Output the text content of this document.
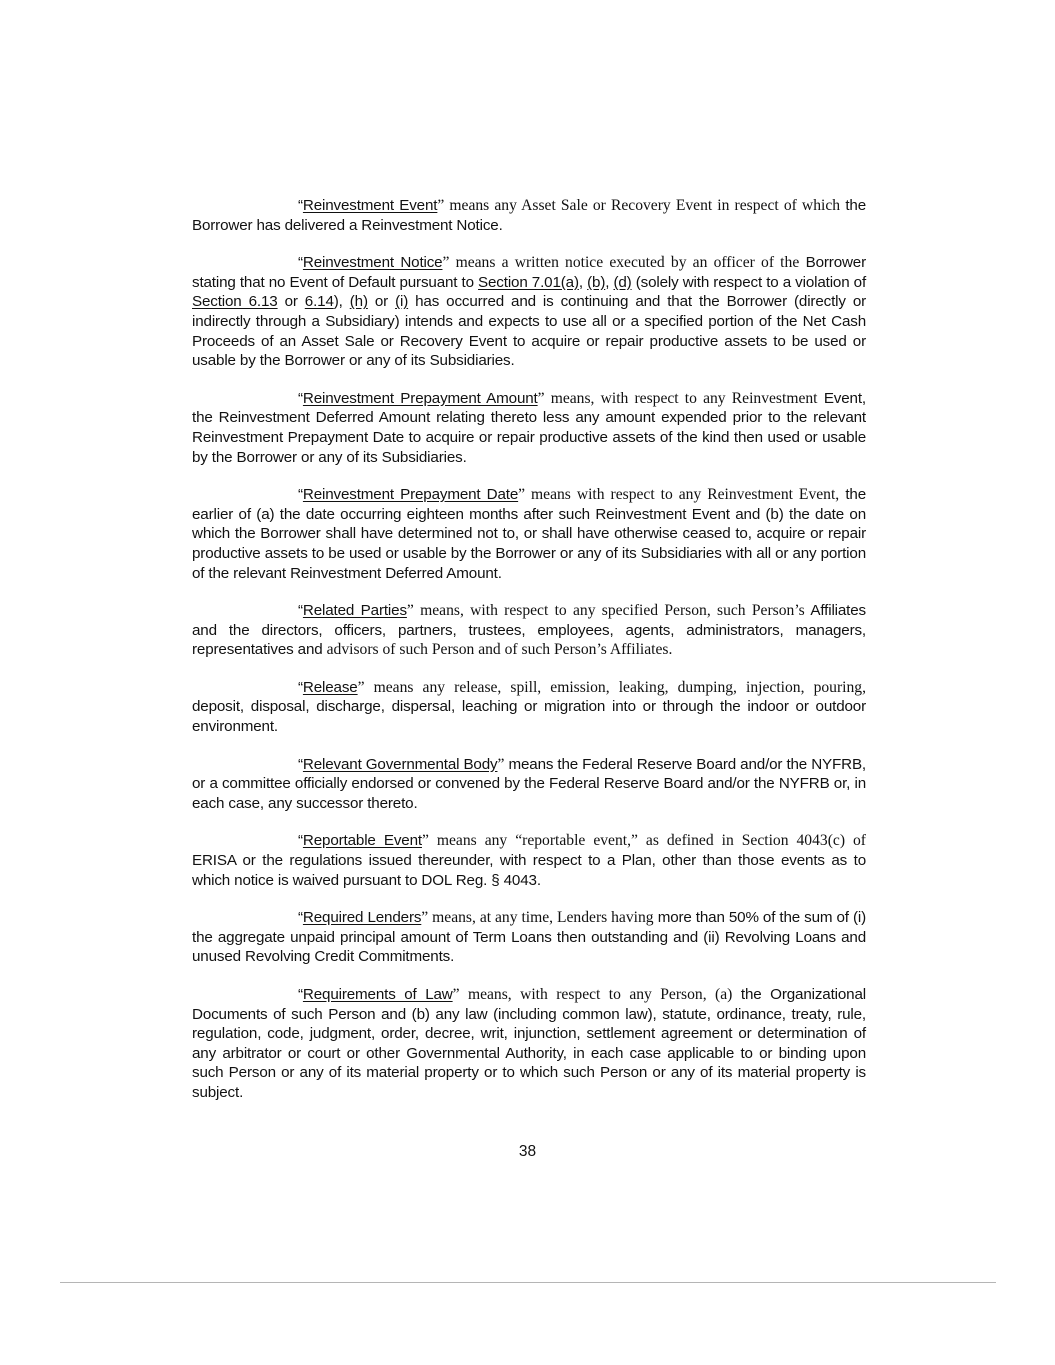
“Reinvestment Event” means any Asset Sale or Recovery Event in respect of which the Borrower has delivered a Reinvestment Notice.

“Reinvestment Notice” means a written notice executed by an officer of the Borrower stating that no Event of Default pursuant to Section 7.01(a), (b), (d) (solely with respect to a violation of Section 6.13 or 6.14), (h) or (i) has occurred and is continuing and that the Borrower (directly or indirectly through a Subsidiary) intends and expects to use all or a specified portion of the Net Cash Proceeds of an Asset Sale or Recovery Event to acquire or repair productive assets to be used or usable by the Borrower or any of its Subsidiaries.

“Reinvestment Prepayment Amount” means, with respect to any Reinvestment Event, the Reinvestment Deferred Amount relating thereto less any amount expended prior to the relevant Reinvestment Prepayment Date to acquire or repair productive assets of the kind then used or usable by the Borrower or any of its Subsidiaries.

“Reinvestment Prepayment Date” means with respect to any Reinvestment Event, the earlier of (a) the date occurring eighteen months after such Reinvestment Event and (b) the date on which the Borrower shall have determined not to, or shall have otherwise ceased to, acquire or repair productive assets to be used or usable by the Borrower or any of its Subsidiaries with all or any portion of the relevant Reinvestment Deferred Amount.

“Related Parties” means, with respect to any specified Person, such Person’s Affiliates and the directors, officers, partners, trustees, employees, agents, administrators, managers, representatives and advisors of such Person and of such Person’s Affiliates.

“Release” means any release, spill, emission, leaking, dumping, injection, pouring, deposit, disposal, discharge, dispersal, leaching or migration into or through the indoor or outdoor environment.

“Relevant Governmental Body” means the Federal Reserve Board and/or the NYFRB, or a committee officially endorsed or convened by the Federal Reserve Board and/or the NYFRB or, in each case, any successor thereto.

“Reportable Event” means any “reportable event,” as defined in Section 4043(c) of ERISA or the regulations issued thereunder, with respect to a Plan, other than those events as to which notice is waived pursuant to DOL Reg. § 4043.

“Required Lenders” means, at any time, Lenders having more than 50% of the sum of (i) the aggregate unpaid principal amount of Term Loans then outstanding and (ii) Revolving Loans and unused Revolving Credit Commitments.

“Requirements of Law” means, with respect to any Person, (a) the Organizational Documents of such Person and (b) any law (including common law), statute, ordinance, treaty, rule, regulation, code, judgment, order, decree, writ, injunction, settlement agreement or determination of any arbitrator or court or other Governmental Authority, in each case applicable to or binding upon such Person or any of its material property or to which such Person or any of its material property is subject.

38
